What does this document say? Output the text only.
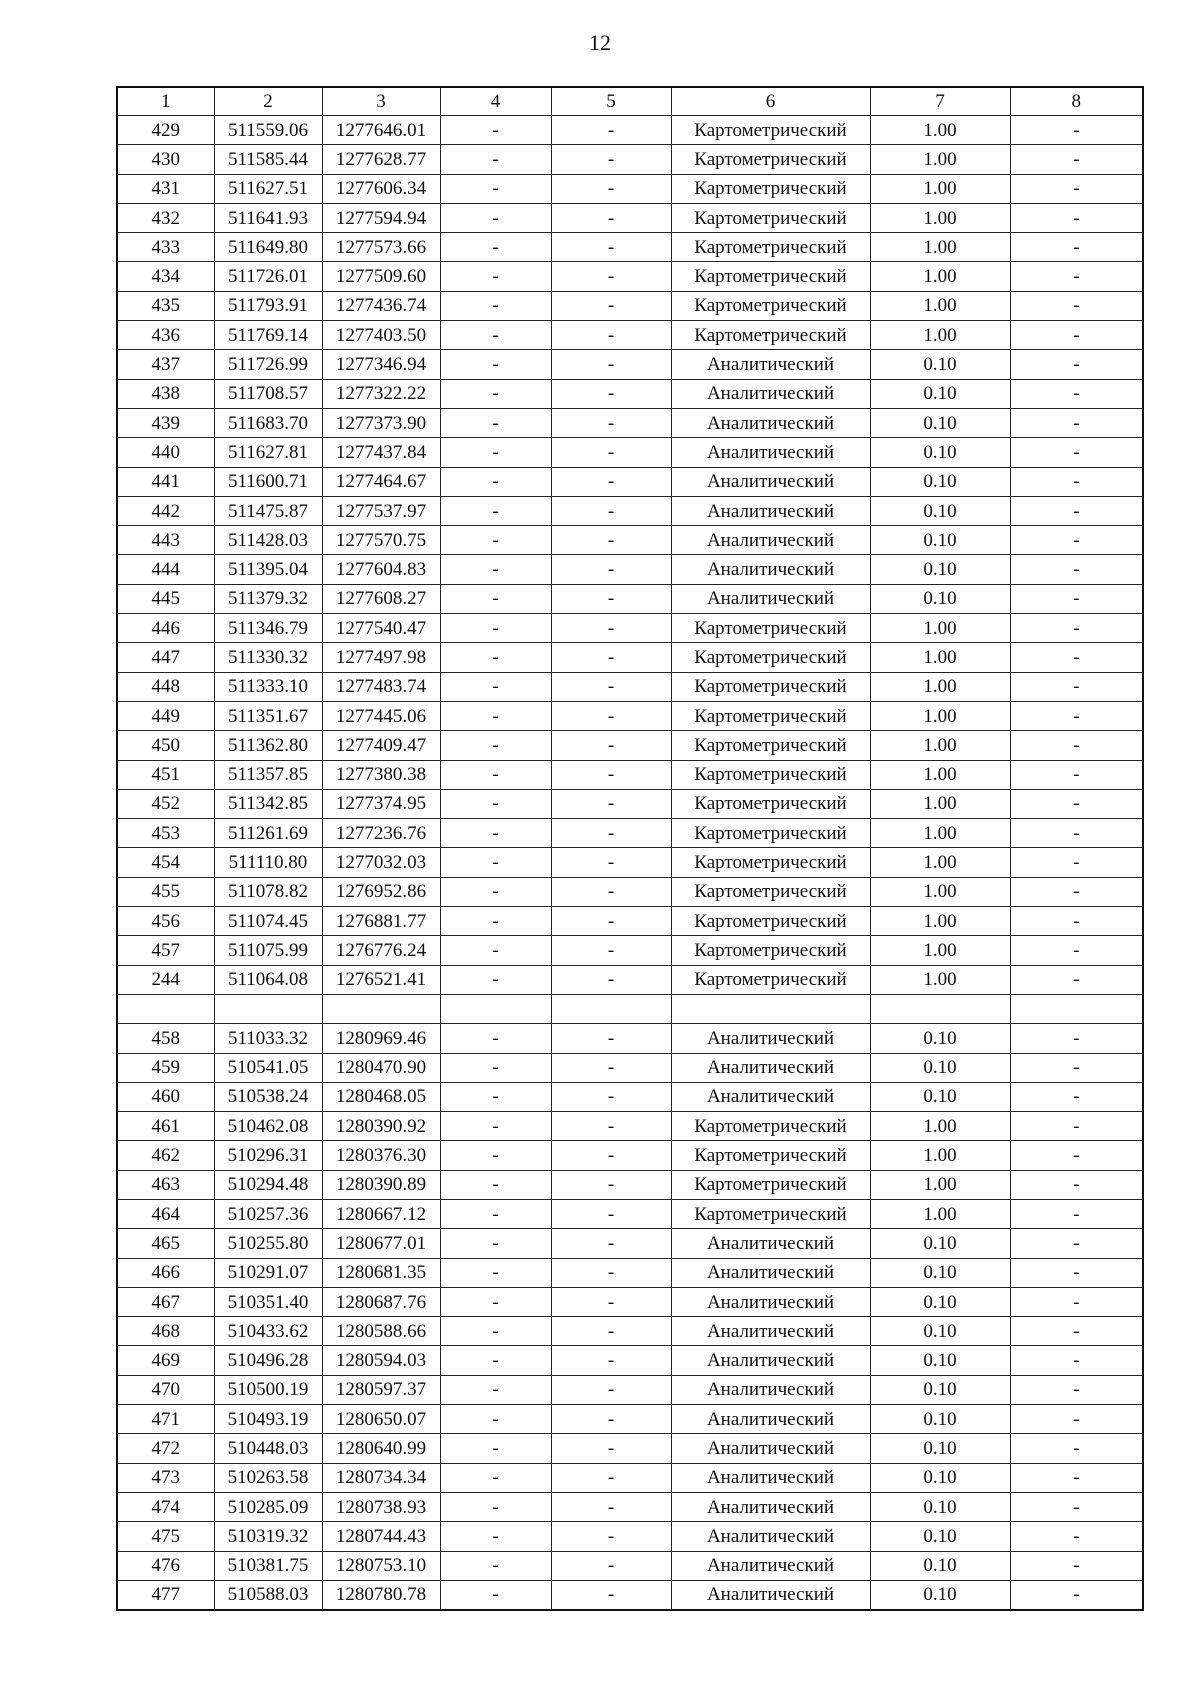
12
1	2	3	4	5	6	7	8
429	511559.06	1277646.01	-	-	Картометрический	1.00	-
430	511585.44	1277628.77	-	-	Картометрический	1.00	-
431	511627.51	1277606.34	-	-	Картометрический	1.00	-
432	511641.93	1277594.94	-	-	Картометрический	1.00	-
433	511649.80	1277573.66	-	-	Картометрический	1.00	-
434	511726.01	1277509.60	-	-	Картометрический	1.00	-
435	511793.91	1277436.74	-	-	Картометрический	1.00	-
436	511769.14	1277403.50	-	-	Картометрический	1.00	-
437	511726.99	1277346.94	-	-	Аналитический	0.10	-
438	511708.57	1277322.22	-	-	Аналитический	0.10	-
439	511683.70	1277373.90	-	-	Аналитический	0.10	-
440	511627.81	1277437.84	-	-	Аналитический	0.10	-
441	511600.71	1277464.67	-	-	Аналитический	0.10	-
442	511475.87	1277537.97	-	-	Аналитический	0.10	-
443	511428.03	1277570.75	-	-	Аналитический	0.10	-
444	511395.04	1277604.83	-	-	Аналитический	0.10	-
445	511379.32	1277608.27	-	-	Аналитический	0.10	-
446	511346.79	1277540.47	-	-	Картометрический	1.00	-
447	511330.32	1277497.98	-	-	Картометрический	1.00	-
448	511333.10	1277483.74	-	-	Картометрический	1.00	-
449	511351.67	1277445.06	-	-	Картометрический	1.00	-
450	511362.80	1277409.47	-	-	Картометрический	1.00	-
451	511357.85	1277380.38	-	-	Картометрический	1.00	-
452	511342.85	1277374.95	-	-	Картометрический	1.00	-
453	511261.69	1277236.76	-	-	Картометрический	1.00	-
454	511110.80	1277032.03	-	-	Картометрический	1.00	-
455	511078.82	1276952.86	-	-	Картометрический	1.00	-
456	511074.45	1276881.77	-	-	Картометрический	1.00	-
457	511075.99	1276776.24	-	-	Картометрический	1.00	-
244	511064.08	1276521.41	-	-	Картометрический	1.00	-

458	511033.32	1280969.46	-	-	Аналитический	0.10	-
459	510541.05	1280470.90	-	-	Аналитический	0.10	-
460	510538.24	1280468.05	-	-	Аналитический	0.10	-
461	510462.08	1280390.92	-	-	Картометрический	1.00	-
462	510296.31	1280376.30	-	-	Картометрический	1.00	-
463	510294.48	1280390.89	-	-	Картометрический	1.00	-
464	510257.36	1280667.12	-	-	Картометрический	1.00	-
465	510255.80	1280677.01	-	-	Аналитический	0.10	-
466	510291.07	1280681.35	-	-	Аналитический	0.10	-
467	510351.40	1280687.76	-	-	Аналитический	0.10	-
468	510433.62	1280588.66	-	-	Аналитический	0.10	-
469	510496.28	1280594.03	-	-	Аналитический	0.10	-
470	510500.19	1280597.37	-	-	Аналитический	0.10	-
471	510493.19	1280650.07	-	-	Аналитический	0.10	-
472	510448.03	1280640.99	-	-	Аналитический	0.10	-
473	510263.58	1280734.34	-	-	Аналитический	0.10	-
474	510285.09	1280738.93	-	-	Аналитический	0.10	-
475	510319.32	1280744.43	-	-	Аналитический	0.10	-
476	510381.75	1280753.10	-	-	Аналитический	0.10	-
477	510588.03	1280780.78	-	-	Аналитический	0.10	-
